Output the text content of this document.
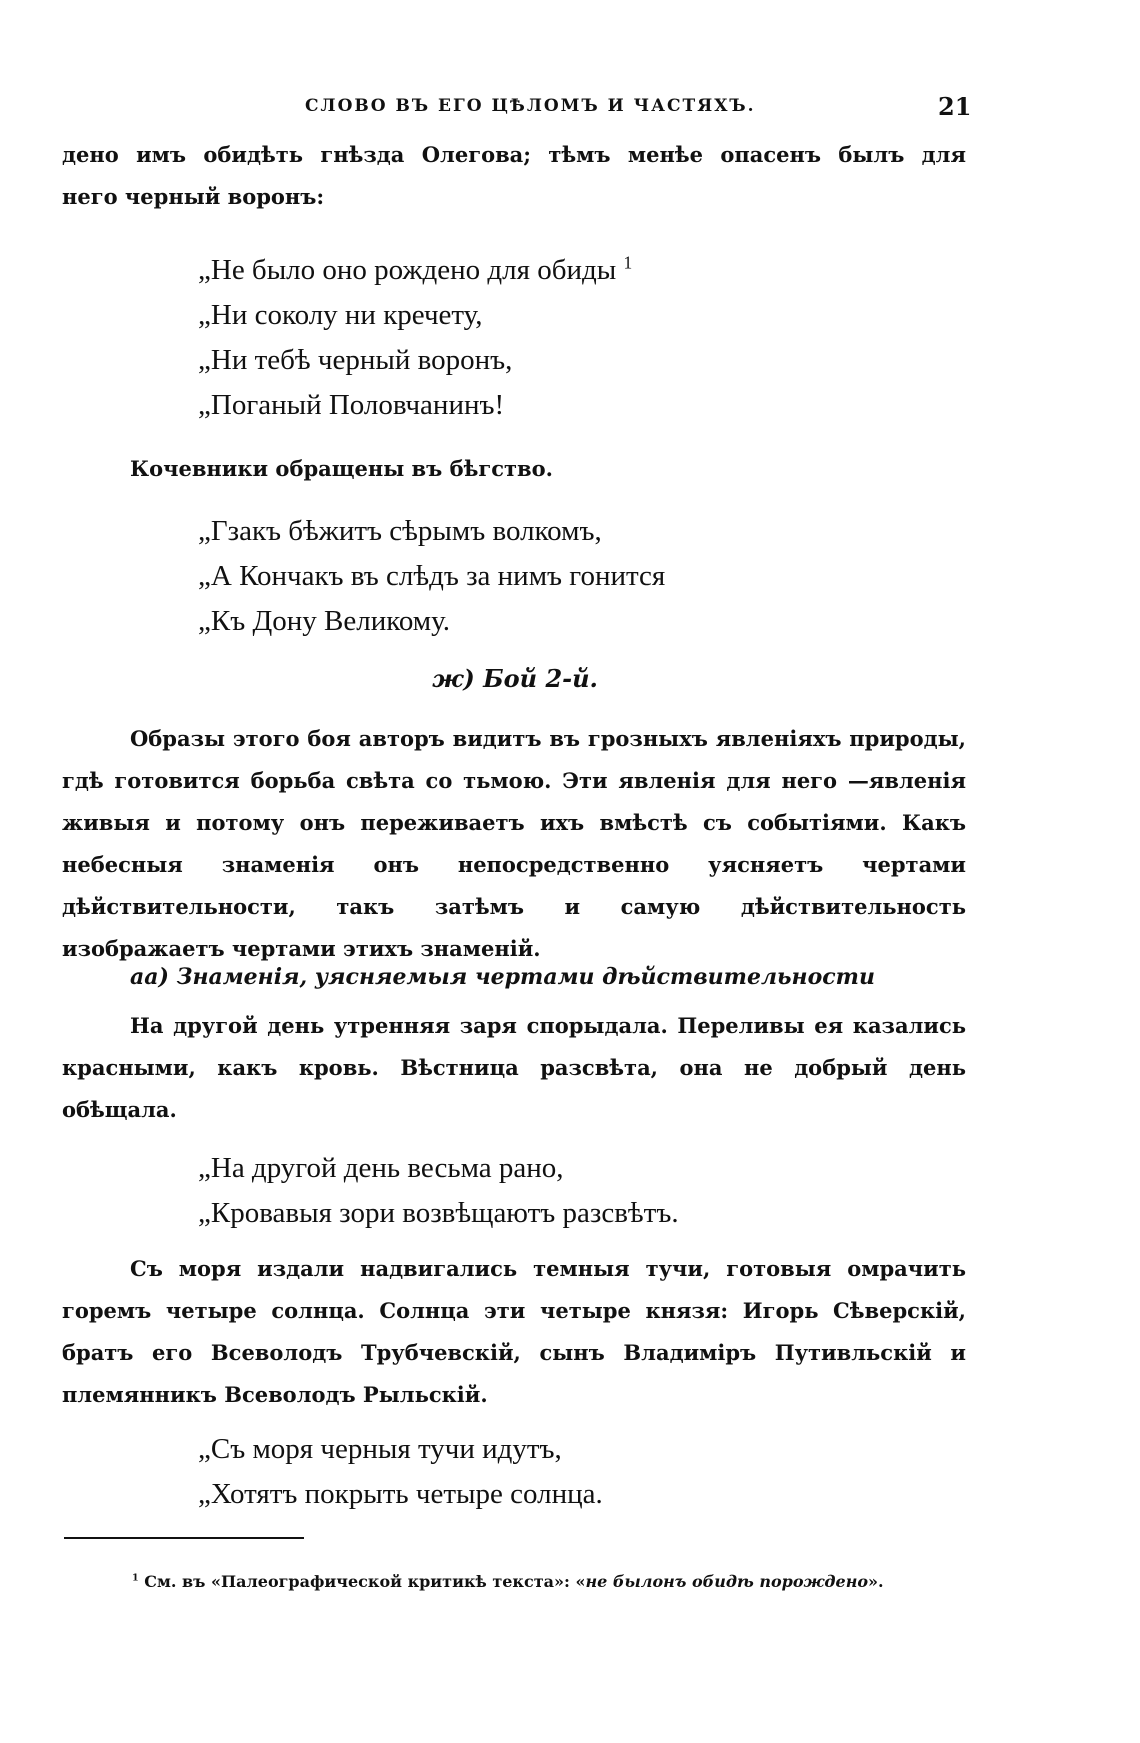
СЛОВО ВЪ ЕГО ЦѢЛОМЪ И ЧАСТЯХЪ.	21
дено имъ обидѣть гнѣзда Олегова; тѣмъ менѣе опасенъ былъ для
него черный воронъ:
„Не было оно рождено для обиды $^1$
„Ни соколу ни кречету,
„Ни тебѣ черный воронъ,
„Поганый Половчанинъ!
Кочевники обращены въ бѣгство.
„Гзакъ бѣжитъ сѣрымъ волкомъ,
„А Кончакъ въ слѣдъ за нимъ гонится
„Къ Дону Великому.
ж) Бой 2-й.
Образы этого боя авторъ видитъ въ грозныхъ явленіяхъ природы, гдѣ готовится борьба свѣта со тьмою. Эти явленія для него —явленія живыя и потому онъ переживаетъ ихъ вмѣстѣ съ событіями. Какъ небесныя знаменія онъ непосредственно уясняетъ чертами дѣйствительности, такъ затѣмъ и самую дѣйствительность изображаетъ чертами этихъ знаменій.
аа) Знаменія, уясняемыя чертами дѣйствительности
На другой день утренняя заря спорыдала. Переливы ея казались красными, какъ кровь. Вѣстница разсвѣта, она не добрый день обѣщала.
„На другой день весьма рано,
„Кровавыя зори возвѣщаютъ разсвѣтъ.
Съ моря издали надвигались темныя тучи, готовыя омрачить горемъ четыре солнца. Солнца эти четыре князя: Игорь Сѣверскій, братъ его Всеволодъ Трубчевскій, сынъ Владиміръ Путивльскій и племянникъ Всеволодъ Рыльскій.
„Съ моря черныя тучи идутъ,
„Хотятъ покрыть четыре солнца.
$^1$ См. въ «Палеографической критикѣ текста»: «не былонъ обидѣ порождено».
